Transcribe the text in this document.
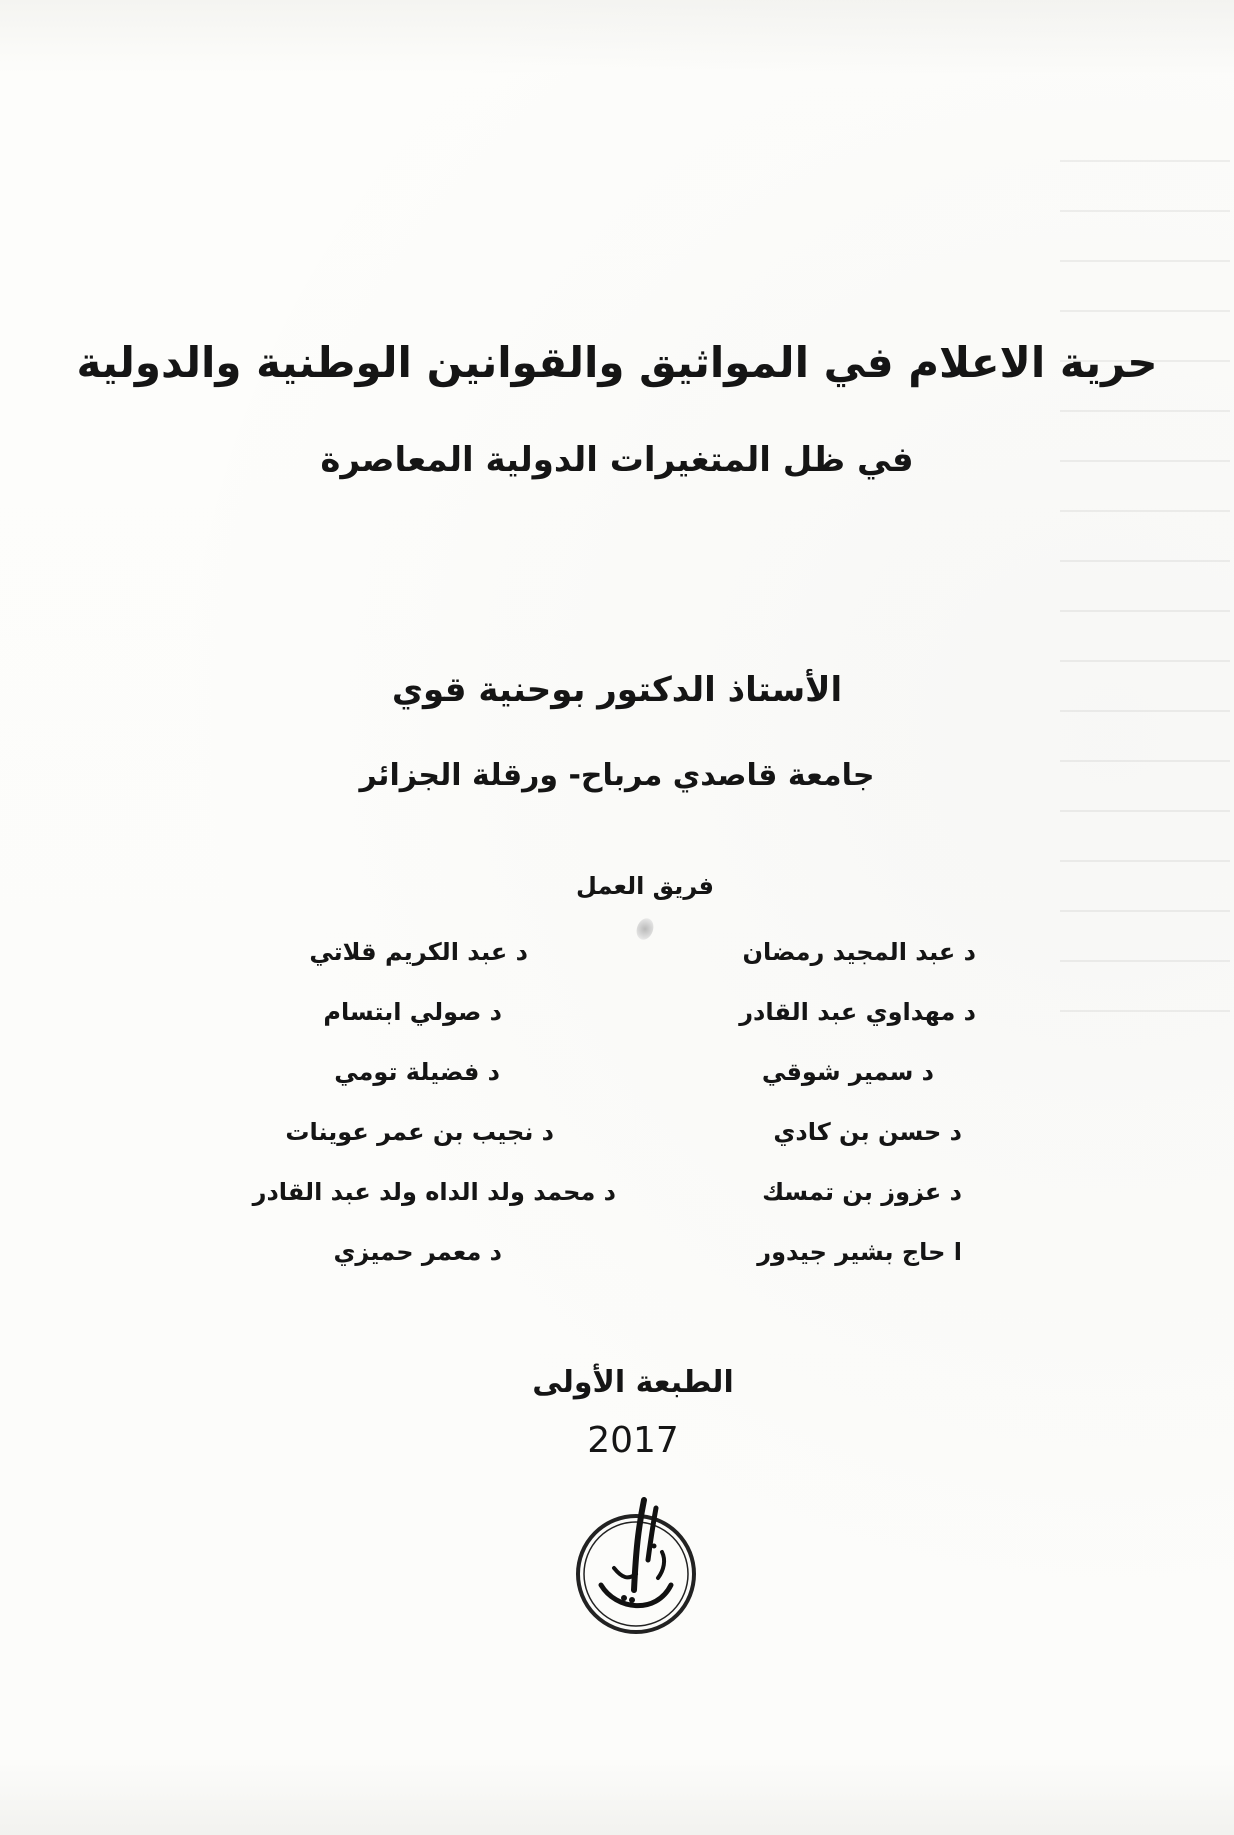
حرية الاعلام في المواثيق والقوانين الوطنية والدولية
في ظل المتغيرات الدولية المعاصرة
الأستاذ الدكتور بوحنية قوي
جامعة قاصدي مرباح- ورقلة الجزائر
فريق العمل
د عبد المجيد رمضان
د مهداوي عبد القادر
د سمير شوقي
د حسن بن كادي
د عزوز بن تمسك
ا حاج بشير جيدور
د عبد الكريم قلاتي
د صولي ابتسام
د فضيلة تومي
د نجيب بن عمر عوينات
د محمد ولد الداه ولد عبد القادر
د معمر حميزي
الطبعة الأولى
2017
